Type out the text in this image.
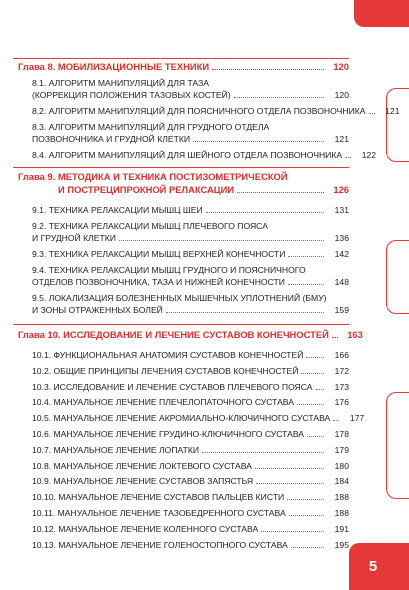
5
Глава 8. МОБИЛИЗАЦИОННЫЕ ТЕХНИКИ	120
8.1. АЛГОРИТМ МАНИПУЛЯЦИЙ ДЛЯ ТАЗА
(КОРРЕКЦИЯ ПОЛОЖЕНИЯ ТАЗОВЫХ КОСТЕЙ)	120
8.2. АЛГОРИТМ МАНИПУЛЯЦИЙ ДЛЯ ПОЯСНИЧНОГО ОТДЕЛА ПОЗВОНОЧНИКА	121
8.3. АЛГОРИТМ МАНИПУЛЯЦИЙ ДЛЯ ГРУДНОГО ОТДЕЛА
ПОЗВОНОЧНИКА И ГРУДНОЙ КЛЕТКИ	121
8.4. АЛГОРИТМ МАНИПУЛЯЦИЙ ДЛЯ ШЕЙНОГО ОТДЕЛА ПОЗВОНОЧНИКА	122
Глава 9. МЕТОДИКА И ТЕХНИКА ПОСТИЗОМЕТРИЧЕСКОЙ
И ПОСТРЕЦИПРОКНОЙ РЕЛАКСАЦИИ	126
9.1. ТЕХНИКА РЕЛАКСАЦИИ МЫШЦ ШЕИ	131
9.2. ТЕХНИКА РЕЛАКСАЦИИ МЫШЦ ПЛЕЧЕВОГО ПОЯСА
И ГРУДНОЙ КЛЕТКИ	136
9.3. ТЕХНИКА РЕЛАКСАЦИИ МЫШЦ ВЕРХНЕЙ КОНЕЧНОСТИ	142
9.4. ТЕХНИКА РЕЛАКСАЦИИ МЫШЦ ГРУДНОГО И ПОЯСНИЧНОГО
ОТДЕЛОВ ПОЗВОНОЧНИКА, ТАЗА И НИЖНЕЙ КОНЕЧНОСТИ	148
9.5. ЛОКАЛИЗАЦИЯ БОЛЕЗНЕННЫХ МЫШЕЧНЫХ УПЛОТНЕНИЙ (БМУ)
И ЗОНЫ ОТРАЖЕННЫХ БОЛЕЙ	159
Глава 10. ИССЛЕДОВАНИЕ И ЛЕЧЕНИЕ СУСТАВОВ КОНЕЧНОСТЕЙ	163
10.1. ФУНКЦИОНАЛЬНАЯ АНАТОМИЯ СУСТАВОВ КОНЕЧНОСТЕЙ	166
10.2. ОБЩИЕ ПРИНЦИПЫ ЛЕЧЕНИЯ СУСТАВОВ КОНЕЧНОСТЕЙ	172
10.3. ИССЛЕДОВАНИЕ И ЛЕЧЕНИЕ СУСТАВОВ ПЛЕЧЕВОГО ПОЯСА	173
10.4. МАНУАЛЬНОЕ ЛЕЧЕНИЕ ПЛЕЧЕЛОПАТОЧНОГО СУСТАВА	176
10.5. МАНУАЛЬНОЕ ЛЕЧЕНИЕ АКРОМИАЛЬНО-КЛЮЧИЧНОГО СУСТАВА	177
10.6. МАНУАЛЬНОЕ ЛЕЧЕНИЕ ГРУДИНО-КЛЮЧИЧНОГО СУСТАВА	178
10.7. МАНУАЛЬНОЕ ЛЕЧЕНИЕ ЛОПАТКИ	179
10.8. МАНУАЛЬНОЕ ЛЕЧЕНИЕ ЛОКТЕВОГО СУСТАВА	180
10.9. МАНУАЛЬНОЕ ЛЕЧЕНИЕ СУСТАВОВ ЗАПЯСТЬЯ	184
10.10. МАНУАЛЬНОЕ ЛЕЧЕНИЕ СУСТАВОВ ПАЛЬЦЕВ КИСТИ	188
10.11. МАНУАЛЬНОЕ ЛЕЧЕНИЕ ТАЗОБЕДРЕННОГО СУСТАВА	188
10.12. МАНУАЛЬНОЕ ЛЕЧЕНИЕ КОЛЕННОГО СУСТАВА	191
10.13. МАНУАЛЬНОЕ ЛЕЧЕНИЕ ГОЛЕНОСТОПНОГО СУСТАВА	195
